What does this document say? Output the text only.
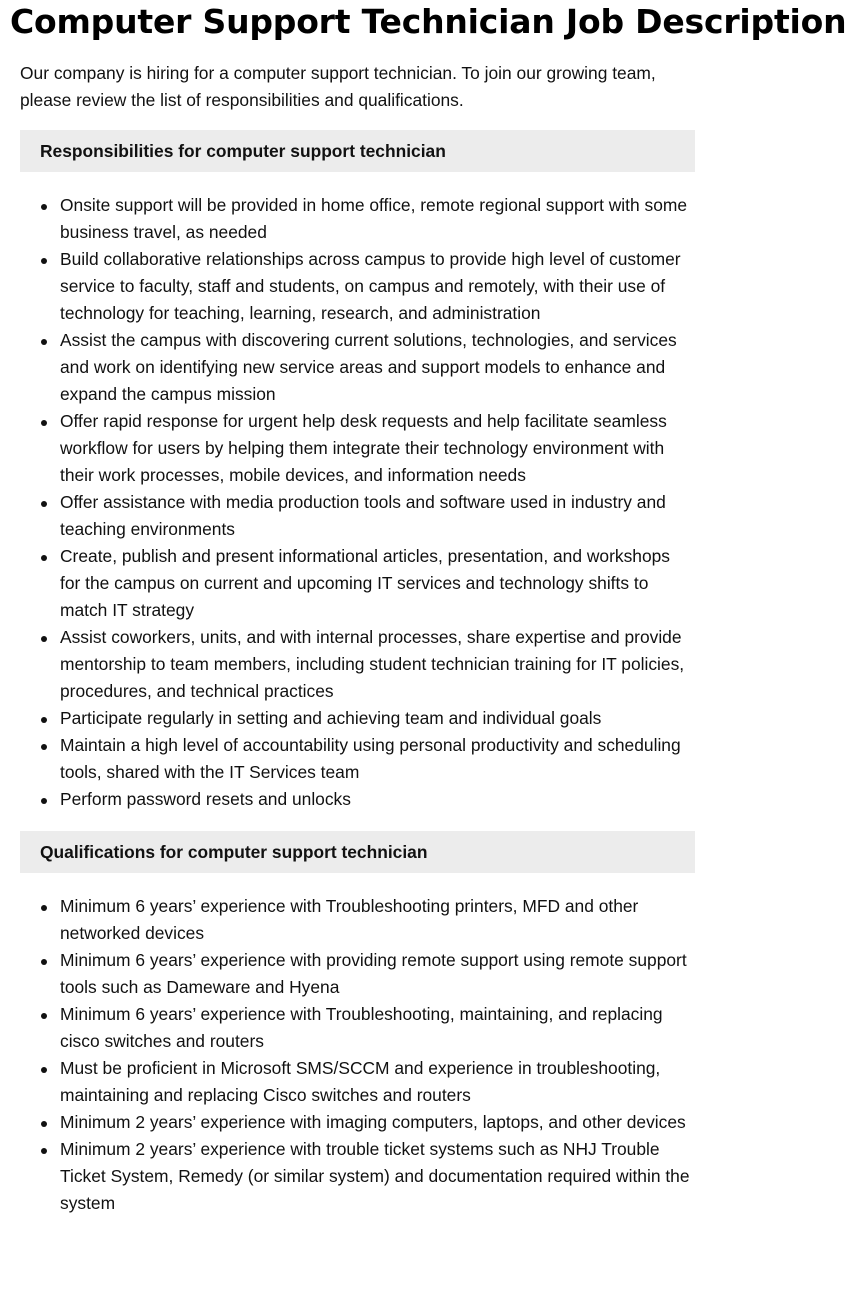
Computer Support Technician Job Description

Our company is hiring for a computer support technician. To join our growing team, please review the list of responsibilities and qualifications.

Responsibilities for computer support technician
Onsite support will be provided in home office, remote regional support with some business travel, as needed
Build collaborative relationships across campus to provide high level of customer service to faculty, staff and students, on campus and remotely, with their use of technology for teaching, learning, research, and administration
Assist the campus with discovering current solutions, technologies, and services and work on identifying new service areas and support models to enhance and expand the campus mission
Offer rapid response for urgent help desk requests and help facilitate seamless workflow for users by helping them integrate their technology environment with their work processes, mobile devices, and information needs
Offer assistance with media production tools and software used in industry and teaching environments
Create, publish and present informational articles, presentation, and workshops for the campus on current and upcoming IT services and technology shifts to match IT strategy
Assist coworkers, units, and with internal processes, share expertise and provide mentorship to team members, including student technician training for IT policies, procedures, and technical practices
Participate regularly in setting and achieving team and individual goals
Maintain a high level of accountability using personal productivity and scheduling tools, shared with the IT Services team
Perform password resets and unlocks
Qualifications for computer support technician
Minimum 6 years’ experience with Troubleshooting printers, MFD and other networked devices
Minimum 6 years’ experience with providing remote support using remote support tools such as Dameware and Hyena
Minimum 6 years’ experience with Troubleshooting, maintaining, and replacing cisco switches and routers
Must be proficient in Microsoft SMS/SCCM and experience in troubleshooting, maintaining and replacing Cisco switches and routers
Minimum 2 years’ experience with imaging computers, laptops, and other devices
Minimum 2 years’ experience with trouble ticket systems such as NHJ Trouble Ticket System, Remedy (or similar system) and documentation required within the system
